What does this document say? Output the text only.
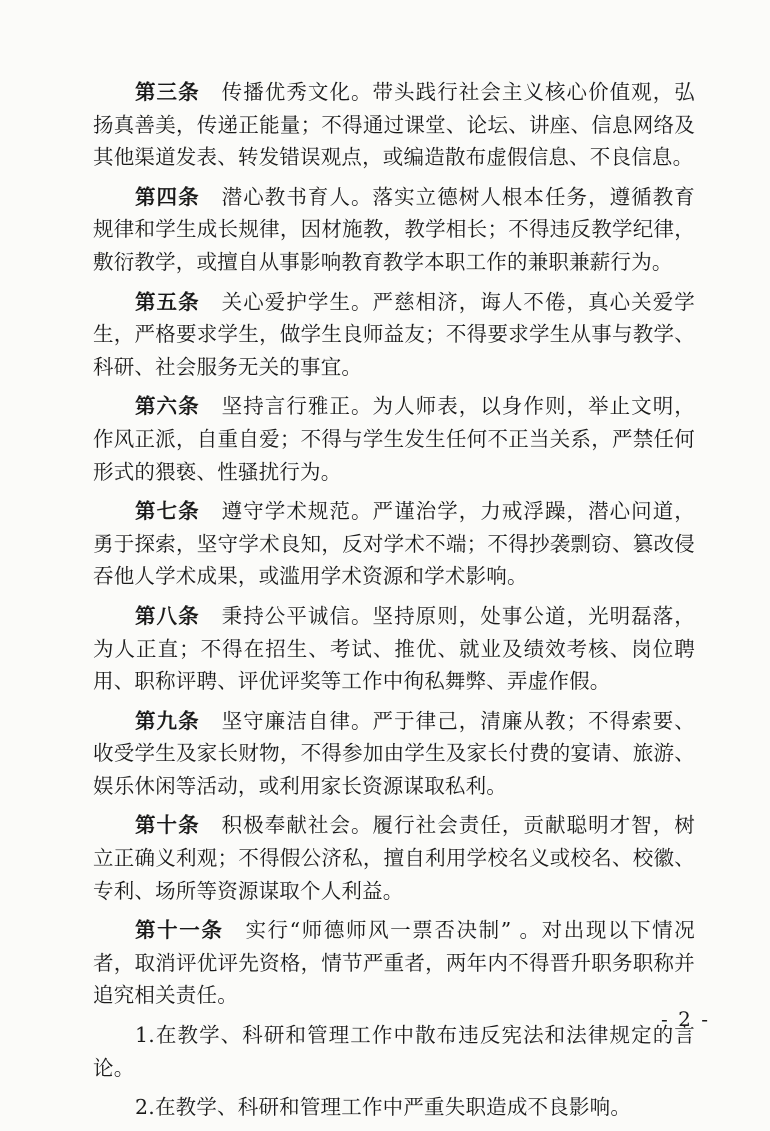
第三条 传播优秀文化。带头践行社会主义核心价值观，弘扬真善美，传递正能量；不得通过课堂、论坛、讲座、信息网络及其他渠道发表、转发错误观点，或编造散布虚假信息、不良信息。

第四条 潜心教书育人。落实立德树人根本任务，遵循教育规律和学生成长规律，因材施教，教学相长；不得违反教学纪律，敷衍教学，或擅自从事影响教育教学本职工作的兼职兼薪行为。

第五条 关心爱护学生。严慈相济，诲人不倦，真心关爱学生，严格要求学生，做学生良师益友；不得要求学生从事与教学、科研、社会服务无关的事宜。

第六条 坚持言行雅正。为人师表，以身作则，举止文明，作风正派，自重自爱；不得与学生发生任何不正当关系，严禁任何形式的猥亵、性骚扰行为。

第七条 遵守学术规范。严谨治学，力戒浮躁，潜心问道，勇于探索，坚守学术良知，反对学术不端；不得抄袭剽窃、篡改侵吞他人学术成果，或滥用学术资源和学术影响。

第八条 秉持公平诚信。坚持原则，处事公道，光明磊落，为人正直；不得在招生、考试、推优、就业及绩效考核、岗位聘用、职称评聘、评优评奖等工作中徇私舞弊、弄虚作假。

第九条 坚守廉洁自律。严于律己，清廉从教；不得索要、收受学生及家长财物，不得参加由学生及家长付费的宴请、旅游、娱乐休闲等活动，或利用家长资源谋取私利。

第十条 积极奉献社会。履行社会责任，贡献聪明才智，树立正确义利观；不得假公济私，擅自利用学校名义或校名、校徽、专利、场所等资源谋取个人利益。

第十一条 实行“师德师风一票否决制” 。对出现以下情况者，取消评优评先资格，情节严重者，两年内不得晋升职务职称并追究相关责任。

1.在教学、科研和管理工作中散布违反宪法和法律规定的言论。

2.在教学、科研和管理工作中严重失职造成不良影响。

- 2 -
